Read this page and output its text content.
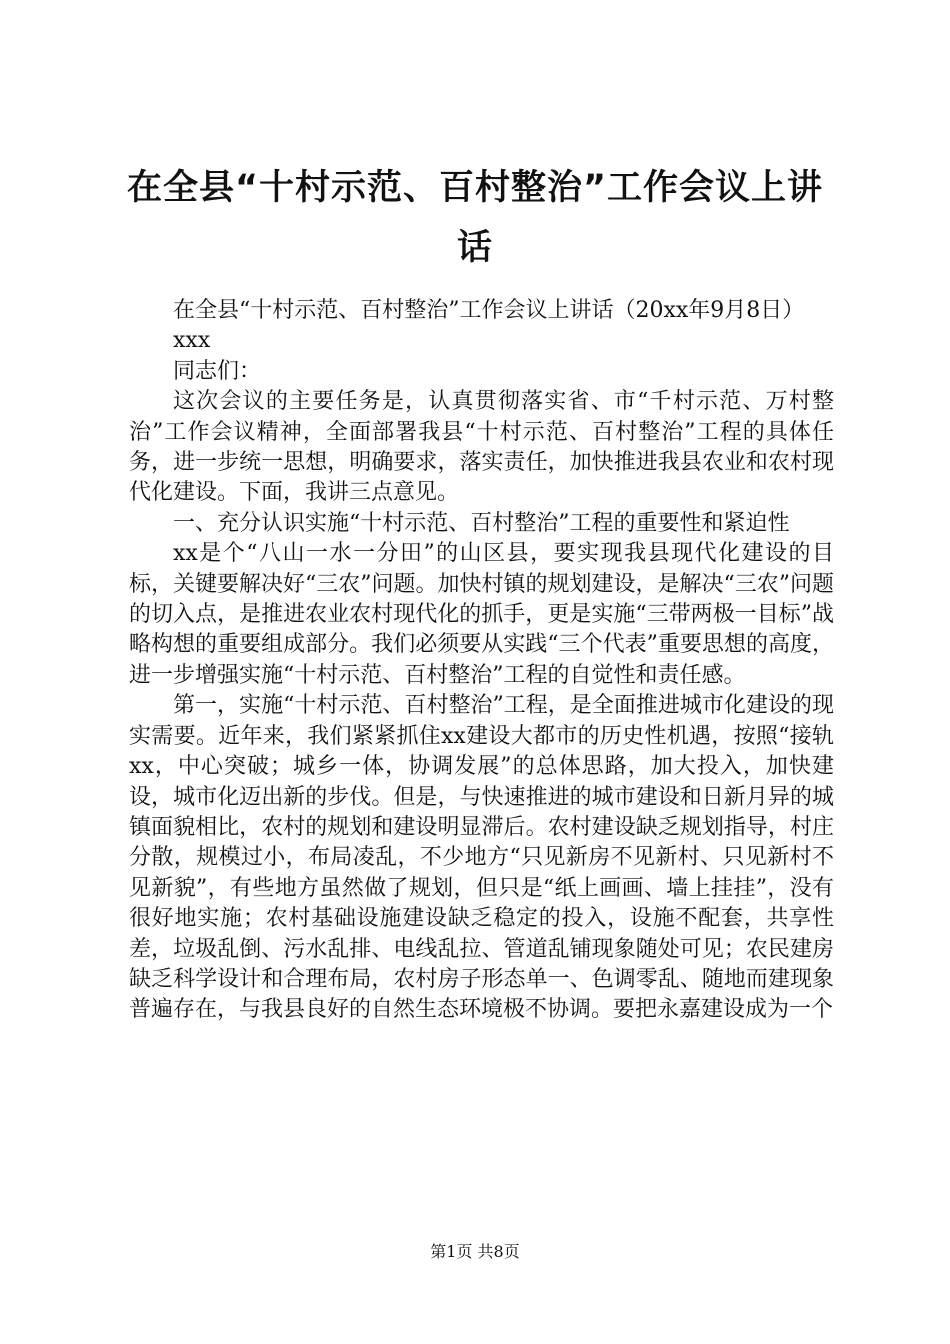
在全县“十村示范、百村整治”工作会议上讲话

在全县“十村示范、百村整治”工作会议上讲话（20xx年9月8日）

xxx

同志们：

这次会议的主要任务是，认真贯彻落实省、市“千村示范、万村整治”工作会议精神，全面部署我县“十村示范、百村整治”工程的具体任务，进一步统一思想，明确要求，落实责任，加快推进我县农业和农村现代化建设。下面，我讲三点意见。

一、充分认识实施“十村示范、百村整治”工程的重要性和紧迫性

xx是个“八山一水一分田”的山区县，要实现我县现代化建设的目标，关键要解决好“三农”问题。加快村镇的规划建设，是解决“三农”问题的切入点，是推进农业农村现代化的抓手，更是实施“三带两极一目标”战略构想的重要组成部分。我们必须要从实践“三个代表”重要思想的高度，进一步增强实施“十村示范、百村整治”工程的自觉性和责任感。

第一，实施“十村示范、百村整治”工程，是全面推进城市化建设的现实需要。近年来，我们紧紧抓住xx建设大都市的历史性机遇，按照“接轨xx，中心突破；城乡一体，协调发展”的总体思路，加大投入，加快建设，城市化迈出新的步伐。但是，与快速推进的城市建设和日新月异的城镇面貌相比，农村的规划和建设明显滞后。农村建设缺乏规划指导，村庄分散，规模过小，布局凌乱，不少地方“只见新房不见新村、只见新村不见新貌”，有些地方虽然做了规划，但只是“纸上画画、墙上挂挂”，没有很好地实施；农村基础设施建设缺乏稳定的投入，设施不配套，共享性差，垃圾乱倒、污水乱排、电线乱拉、管道乱铺现象随处可见；农民建房缺乏科学设计和合理布局，农村房子形态单一、色调零乱、随地而建现象普遍存在，与我县良好的自然生态环境极不协调。要把永嘉建设成为一个

第1页 共8页
